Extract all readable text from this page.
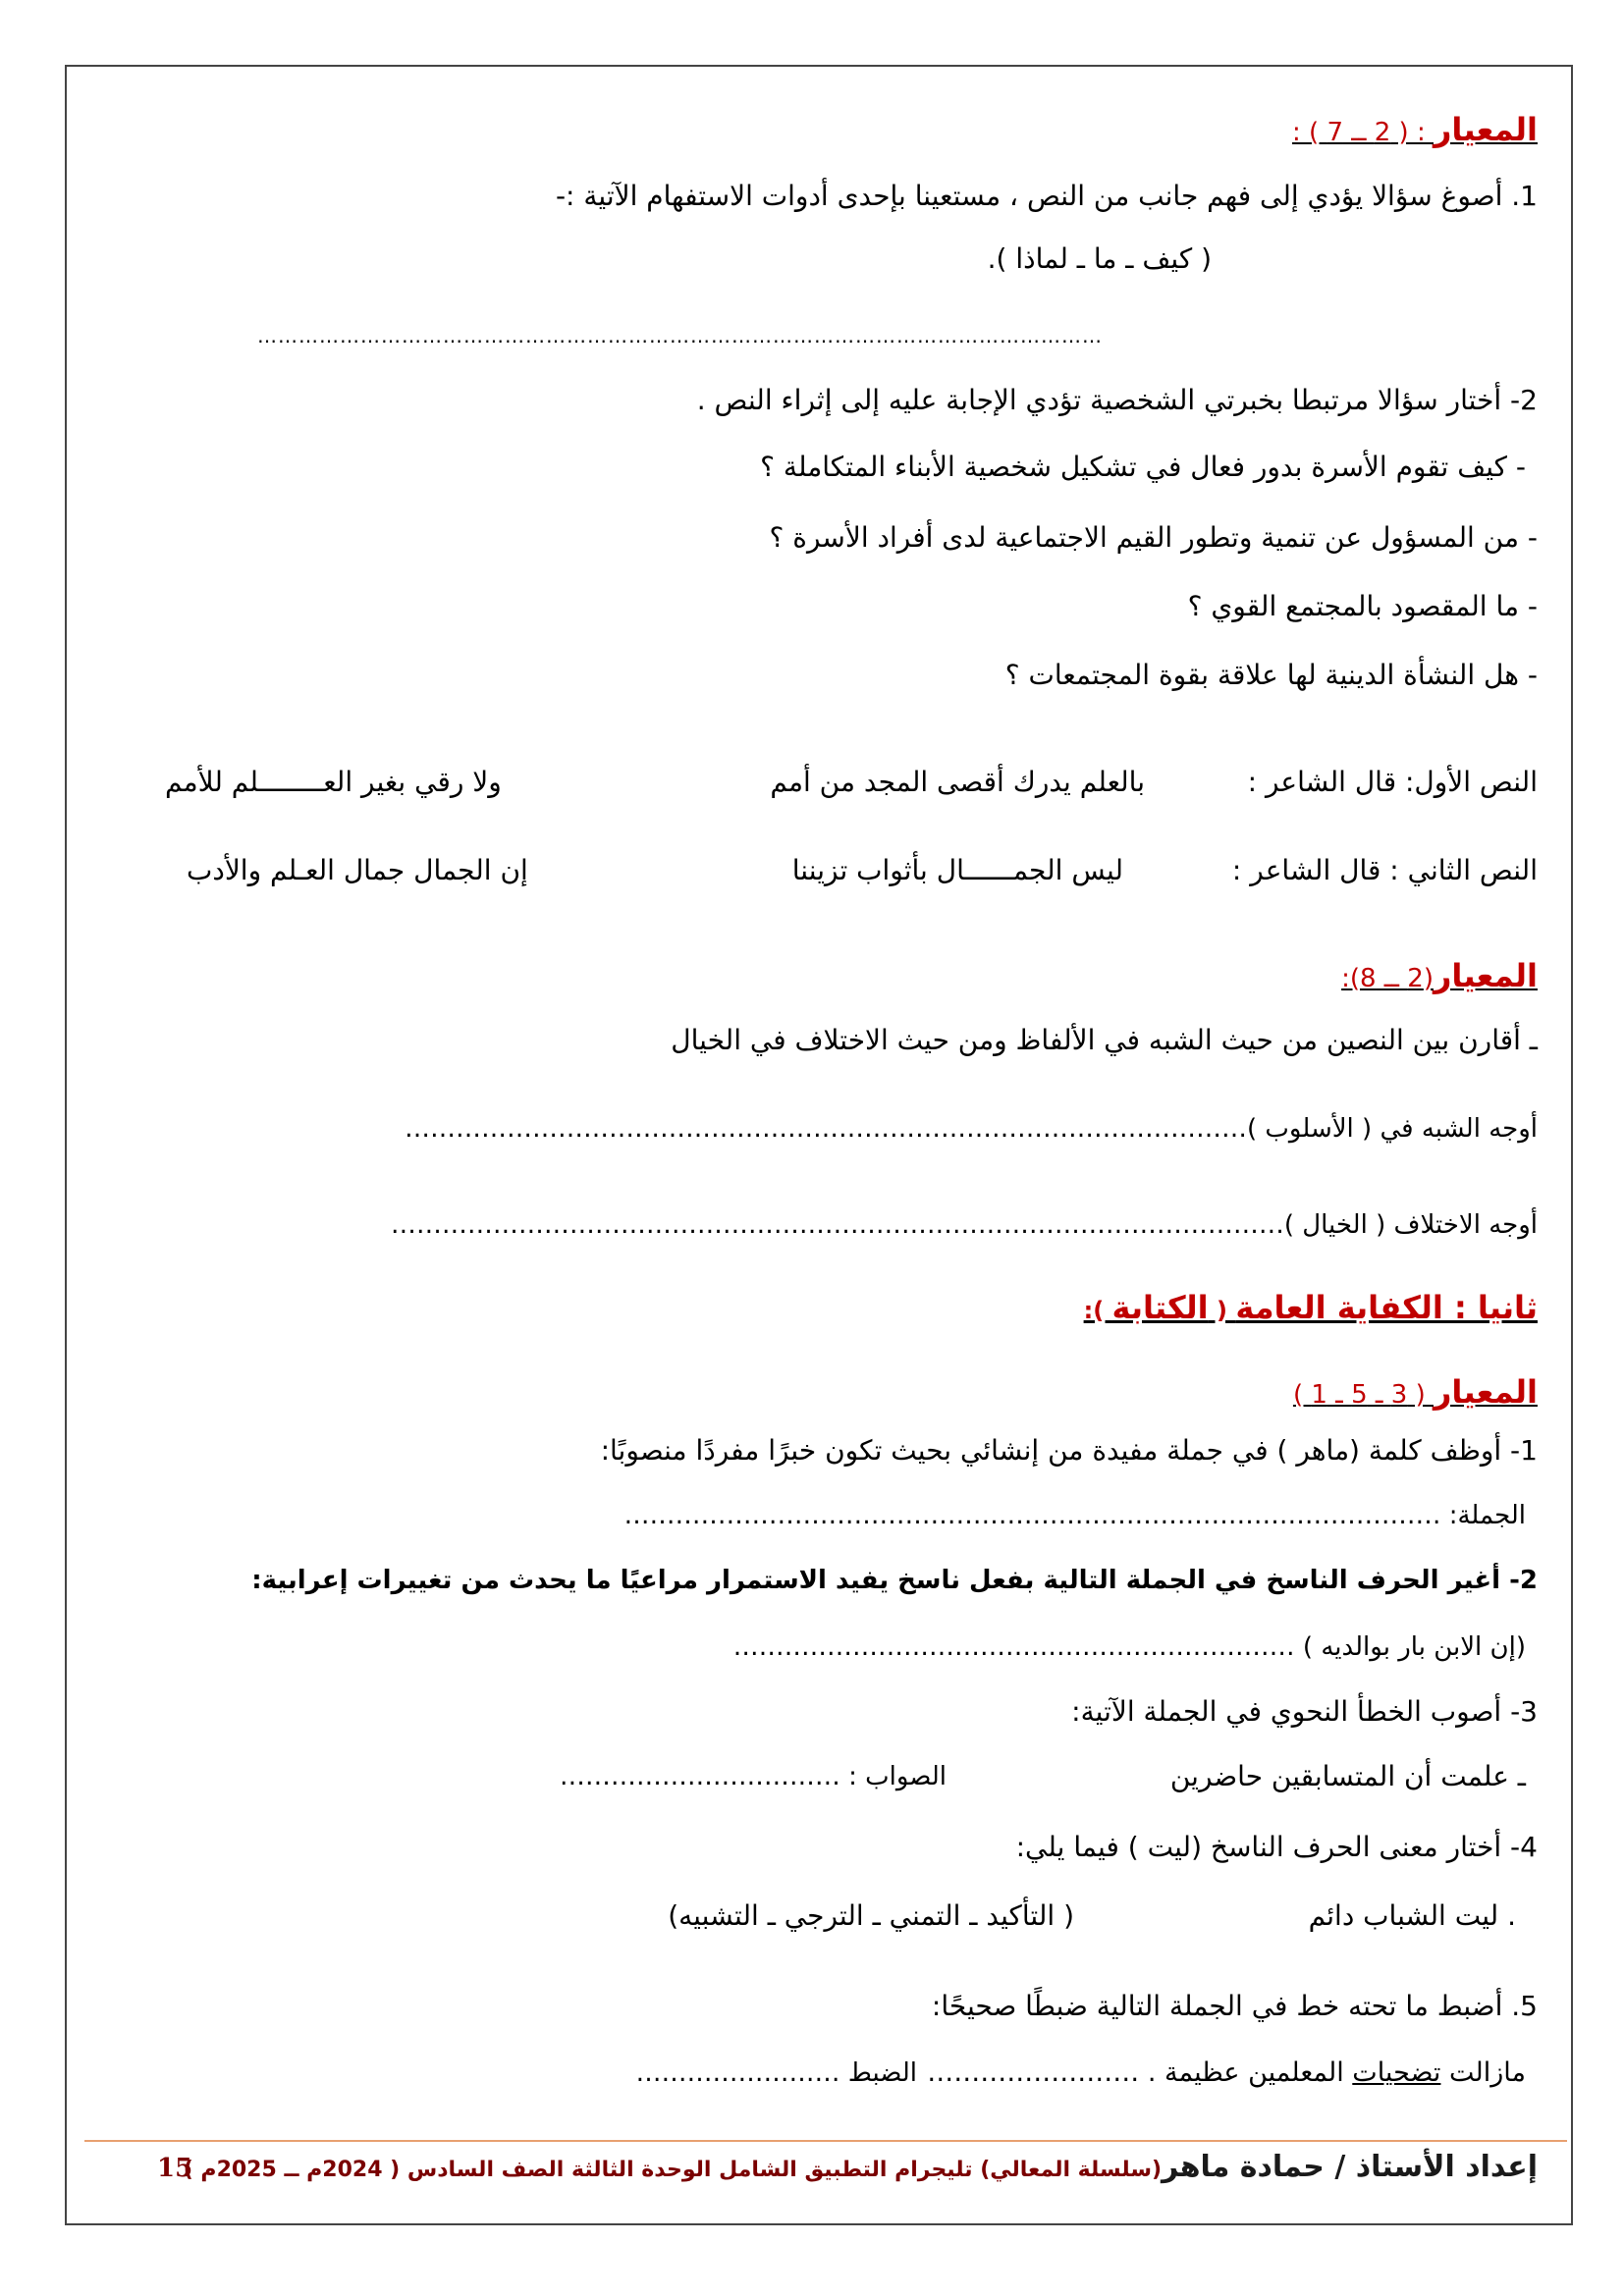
المعيار : ( 2 ــ 7 ) :
1. أصوغ سؤالا يؤدي إلى فهم جانب من النص ، مستعينا بإحدى أدوات الاستفهام الآتية :-
( كيف ـ ما ـ لماذا ).
……………………………………………………………………………………………………………
2- أختار سؤالا مرتبطا بخبرتي الشخصية تؤدي الإجابة عليه إلى إثراء النص .
- كيف تقوم الأسرة بدور فعال في تشكيل شخصية الأبناء المتكاملة ؟
- من المسؤول عن تنمية وتطور القيم الاجتماعية لدى أفراد الأسرة ؟
- ما المقصود بالمجتمع القوي ؟
- هل النشأة الدينية لها علاقة بقوة المجتمعات ؟
النص الأول: قال الشاعر :
بالعلم يدرك أقصى المجد من أمم
ولا رقي بغير العــــــــلم للأمم
النص الثاني : قال الشاعر :
ليس الجمــــــال بأثواب تزيننا
إن الجمال جمال العـلم والأدب
المعيار(2 ــ 8):
ـ أقارن بين النصين من حيث الشبه في الألفاظ ومن حيث الاختلاف في الخيال
أوجه الشبه في ( الأسلوب )………………………………………………………………………………………
أوجه الاختلاف ( الخيال )……………………………………………………………………………………………
ثانيا : الكفاية العامة ( الكتابة ):
المعيار ( 3 ـ 5 ـ 1 )
1- أوظف كلمة (ماهر ) في جملة مفيدة من إنشائي بحيث تكون خبرًا مفردًا منصوبًا:
الجملة: ……………………………………………………………………………………
2- أغير الحرف الناسخ في الجملة التالية بفعل ناسخ يفيد الاستمرار مراعيًا ما يحدث من تغييرات إعرابية:
(إن الابن بار بوالديه ) …………………………………………………………
3- أصوب الخطأ النحوي في الجملة الآتية:
ـ علمت أن المتسابقين حاضرين
الصواب : ……………………………
4- أختار معنى الحرف الناسخ (ليت ) فيما يلي:
. ليت الشباب دائم
( التأكيد ـ التمني ـ الترجي ـ التشبيه)
5. أضبط ما تحته خط في الجملة التالية ضبطًا صحيحًا:
مازالت تضحيات المعلمين عظيمة . ……………………
الضبط ……………………
إعداد الأستاذ / حمادة ماهر(سلسلة المعالي) تليجرام التطبيق الشامل الوحدة الثالثة الصف السادس ( 2024م ــ 2025م )
15
